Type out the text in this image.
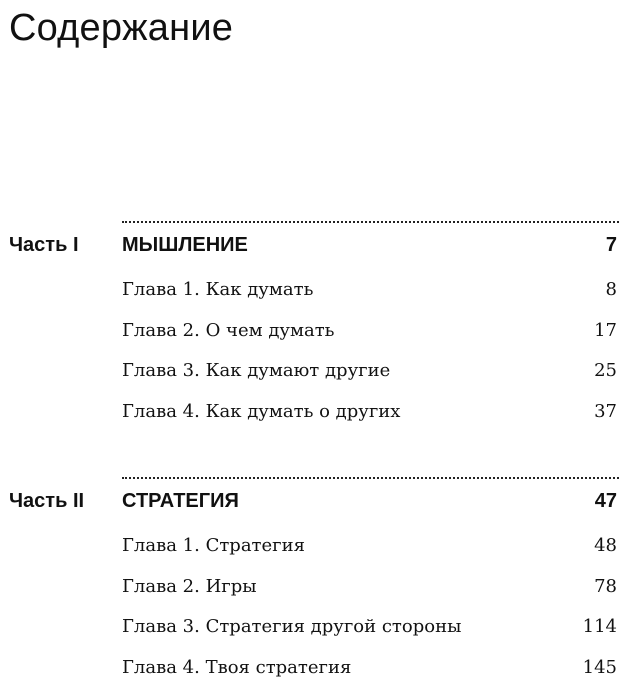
Содержание
Часть I МЫШЛЕНИЕ	7
Глава 1. Как думать	8
Глава 2. О чем думать	17
Глава 3. Как думают другие	25
Глава 4. Как думать о других	37
Часть II СТРАТЕГИЯ	47
Глава 1. Стратегия	48
Глава 2. Игры	78
Глава 3. Стратегия другой стороны	114
Глава 4. Твоя стратегия	145
